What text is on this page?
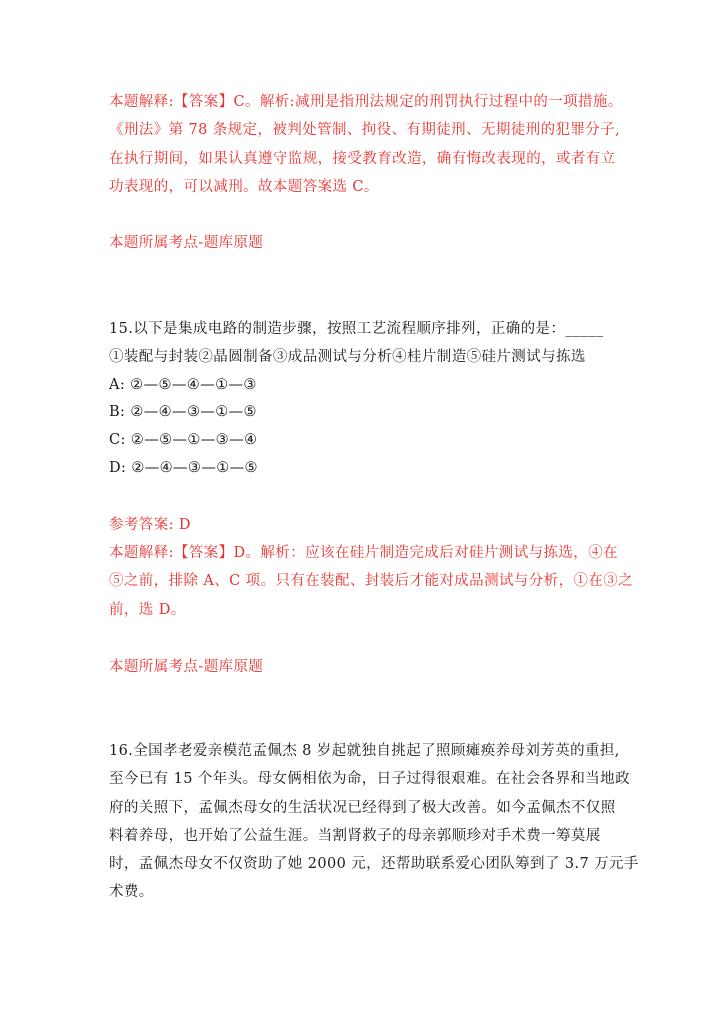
本题解释:【答案】C。解析:减刑是指刑法规定的刑罚执行过程中的一项措施。
《刑法》第 78 条规定，被判处管制、拘役、有期徒刑、无期徒刑的犯罪分子,
在执行期间，如果认真遵守监规，接受教育改造，确有悔改表现的，或者有立
功表现的，可以减刑。故本题答案选 C。
本题所属考点-题库原题
15.以下是集成电路的制造步骤，按照工艺流程顺序排列，正确的是：_____
①装配与封装②晶圆制备③成品测试与分析④桂片制造⑤硅片测试与拣选
A: ②—⑤—④—①—③
B: ②—④—③—①—⑤
C: ②—⑤—①—③—④
D: ②—④—③—①—⑤
参考答案: D
本题解释:【答案】D。解析：应该在硅片制造完成后对硅片测试与拣选，④在
⑤之前，排除 A、C 项。只有在装配、封装后才能对成品测试与分析，①在③之
前，选 D。
本题所属考点-题库原题
16.全国孝老爱亲模范孟佩杰 8 岁起就独自挑起了照顾瘫痪养母刘芳英的重担,
至今已有 15 个年头。母女俩相依为命，日子过得很艰难。在社会各界和当地政
府的关照下，孟佩杰母女的生活状况已经得到了极大改善。如今孟佩杰不仅照
料着养母，也开始了公益生涯。当割肾救子的母亲郭顺珍对手术费一筹莫展
时，孟佩杰母女不仅资助了她 2000 元，还帮助联系爱心团队筹到了 3.7 万元手
术费。
